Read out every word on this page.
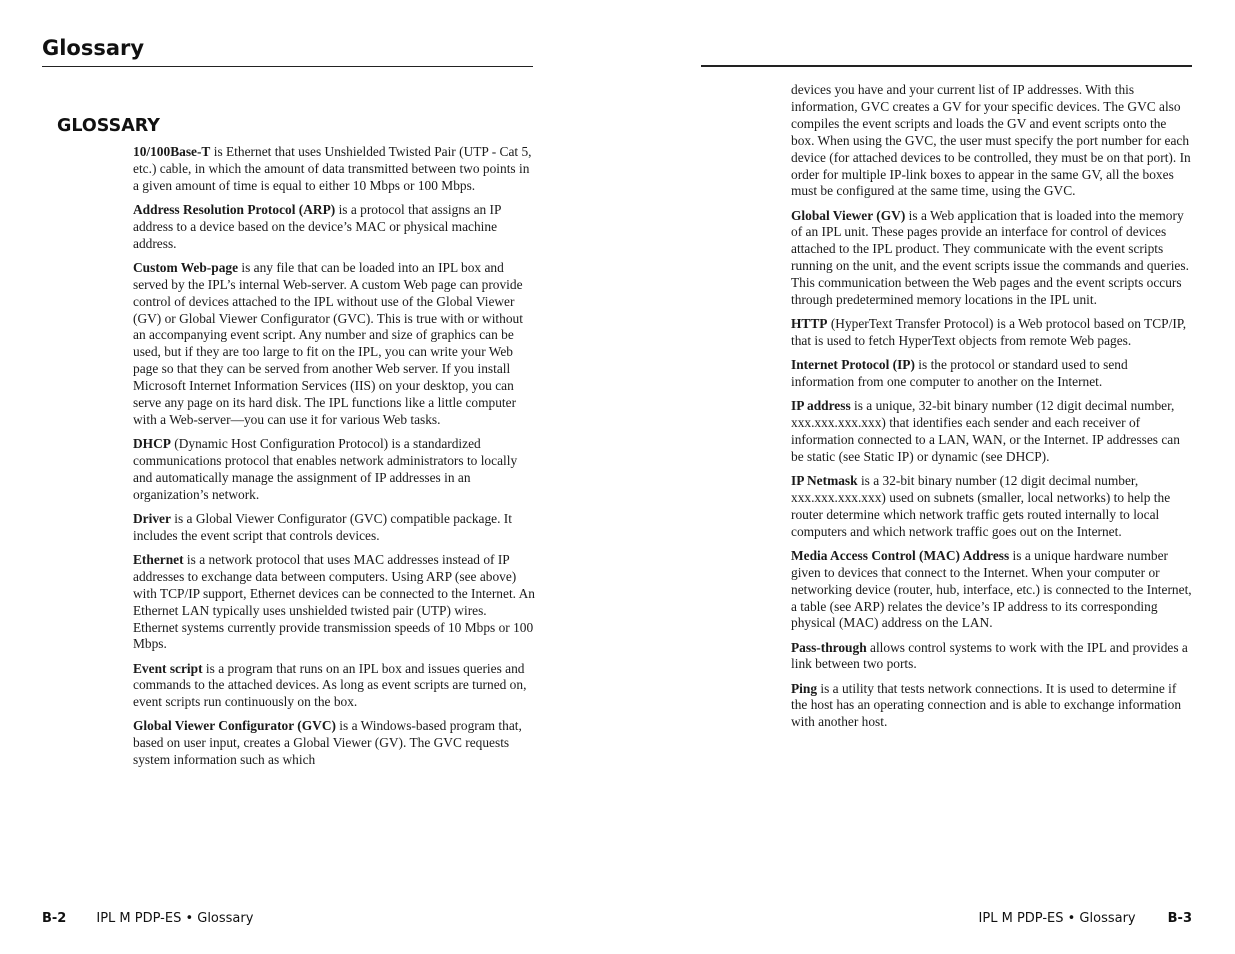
Glossary
GLOSSARY

10/100Base-T is Ethernet that uses Unshielded Twisted Pair (UTP - Cat 5, etc.) cable, in which the amount of data transmitted between two points in a given amount of time is equal to either 10 Mbps or 100 Mbps.

Address Resolution Protocol (ARP) is a protocol that assigns an IP address to a device based on the device’s MAC or physical machine address.

Custom Web-page is any file that can be loaded into an IPL box and served by the IPL’s internal Web-server. A custom Web page can provide control of devices attached to the IPL without use of the Global Viewer (GV) or Global Viewer Configurator (GVC). This is true with or without an accompanying event script. Any number and size of graphics can be used, but if they are too large to fit on the IPL, you can write your Web page so that they can be served from another Web server. If you install Microsoft Internet Information Services (IIS) on your desktop, you can serve any page on its hard disk. The IPL functions like a little computer with a Web-server—you can use it for various Web tasks.

DHCP (Dynamic Host Configuration Protocol) is a standardized communications protocol that enables network administrators to locally and automatically manage the assignment of IP addresses in an organization’s network.

Driver is a Global Viewer Configurator (GVC) compatible package. It includes the event script that controls devices.

Ethernet is a network protocol that uses MAC addresses instead of IP addresses to exchange data between computers. Using ARP (see above) with TCP/IP support, Ethernet devices can be connected to the Internet. An Ethernet LAN typically uses unshielded twisted pair (UTP) wires. Ethernet systems currently provide transmission speeds of 10 Mbps or 100 Mbps.

Event script is a program that runs on an IPL box and issues queries and commands to the attached devices. As long as event scripts are turned on, event scripts run continuously on the box.

Global Viewer Configurator (GVC) is a Windows-based program that, based on user input, creates a Global Viewer (GV). The GVC requests system information such as which

devices you have and your current list of IP addresses. With this information, GVC creates a GV for your specific devices. The GVC also compiles the event scripts and loads the GV and event scripts onto the box. When using the GVC, the user must specify the port number for each device (for attached devices to be controlled, they must be on that port). In order for multiple IP-link boxes to appear in the same GV, all the boxes must be configured at the same time, using the GVC.

Global Viewer (GV) is a Web application that is loaded into the memory of an IPL unit. These pages provide an interface for control of devices attached to the IPL product. They communicate with the event scripts running on the unit, and the event scripts issue the commands and queries. This communication between the Web pages and the event scripts occurs through predetermined memory locations in the IPL unit.

HTTP (HyperText Transfer Protocol) is a Web protocol based on TCP/IP, that is used to fetch HyperText objects from remote Web pages.

Internet Protocol (IP) is the protocol or standard used to send information from one computer to another on the Internet.

IP address is a unique, 32-bit binary number (12 digit decimal number, xxx.xxx.xxx.xxx) that identifies each sender and each receiver of information connected to a LAN, WAN, or the Internet. IP addresses can be static (see Static IP) or dynamic (see DHCP).

IP Netmask is a 32-bit binary number (12 digit decimal number, xxx.xxx.xxx.xxx) used on subnets (smaller, local networks) to help the router determine which network traffic gets routed internally to local computers and which network traffic goes out on the Internet.

Media Access Control (MAC) Address is a unique hardware number given to devices that connect to the Internet. When your computer or networking device (router, hub, interface, etc.) is connected to the Internet, a table (see ARP) relates the device’s IP address to its corresponding physical (MAC) address on the LAN.

Pass-through allows control systems to work with the IPL and provides a link between two ports.

Ping is a utility that tests network connections. It is used to determine if the host has an operating connection and is able to exchange information with another host.

B-2 IPL M PDP-ES • Glossary	IPL M PDP-ES • Glossary B-3
